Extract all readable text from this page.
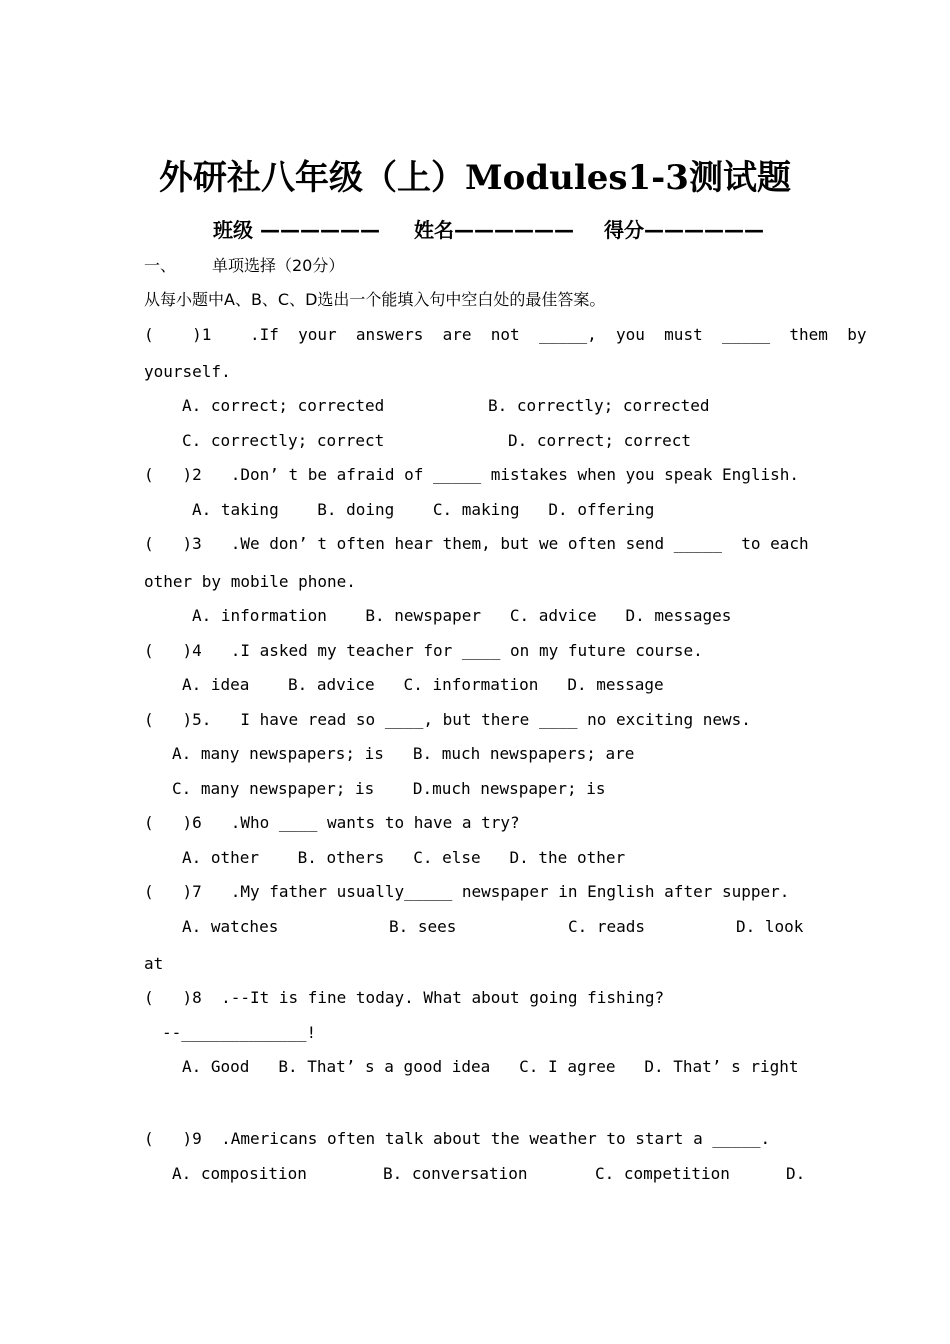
外研社八年级（上）Modules1-3测试题
班级 —————— 姓名—————— 得分——————
一、 单项选择（20分）
从每小题中A、B、C、D选出一个能填入句中空白处的最佳答案。
(    )1    .If  your  answers  are  not  _____,  you  must  _____  them  by
yourself.
A. correct; corrected	B. correctly; corrected
C. correctly; correct	D. correct; correct
(   )2   .Don’ t be afraid of _____ mistakes when you speak English.
A. taking    B. doing    C. making   D. offering
(   )3   .We don’ t often hear them, but we often send _____  to each
other by mobile phone.
A. information    B. newspaper   C. advice   D. messages
(   )4   .I asked my teacher for ____ on my future course.
A. idea    B. advice   C. information   D. message
(   )5.   I have read so ____, but there ____ no exciting news.
A. many newspapers; is   B. much newspapers; are
C. many newspaper; is    D.much newspaper; is
(   )6   .Who ____ wants to have a try?
A. other    B. others   C. else   D. the other
(   )7   .My father usually_____ newspaper in English after supper.
A. watches	B. sees	C. reads	D. look
at
(   )8  .--It is fine today. What about going fishing?
--_____________!
A. Good   B. That’ s a good idea   C. I agree   D. That’ s right
(   )9  .Americans often talk about the weather to start a _____.
A. composition	B. conversation	C. competition	D.
